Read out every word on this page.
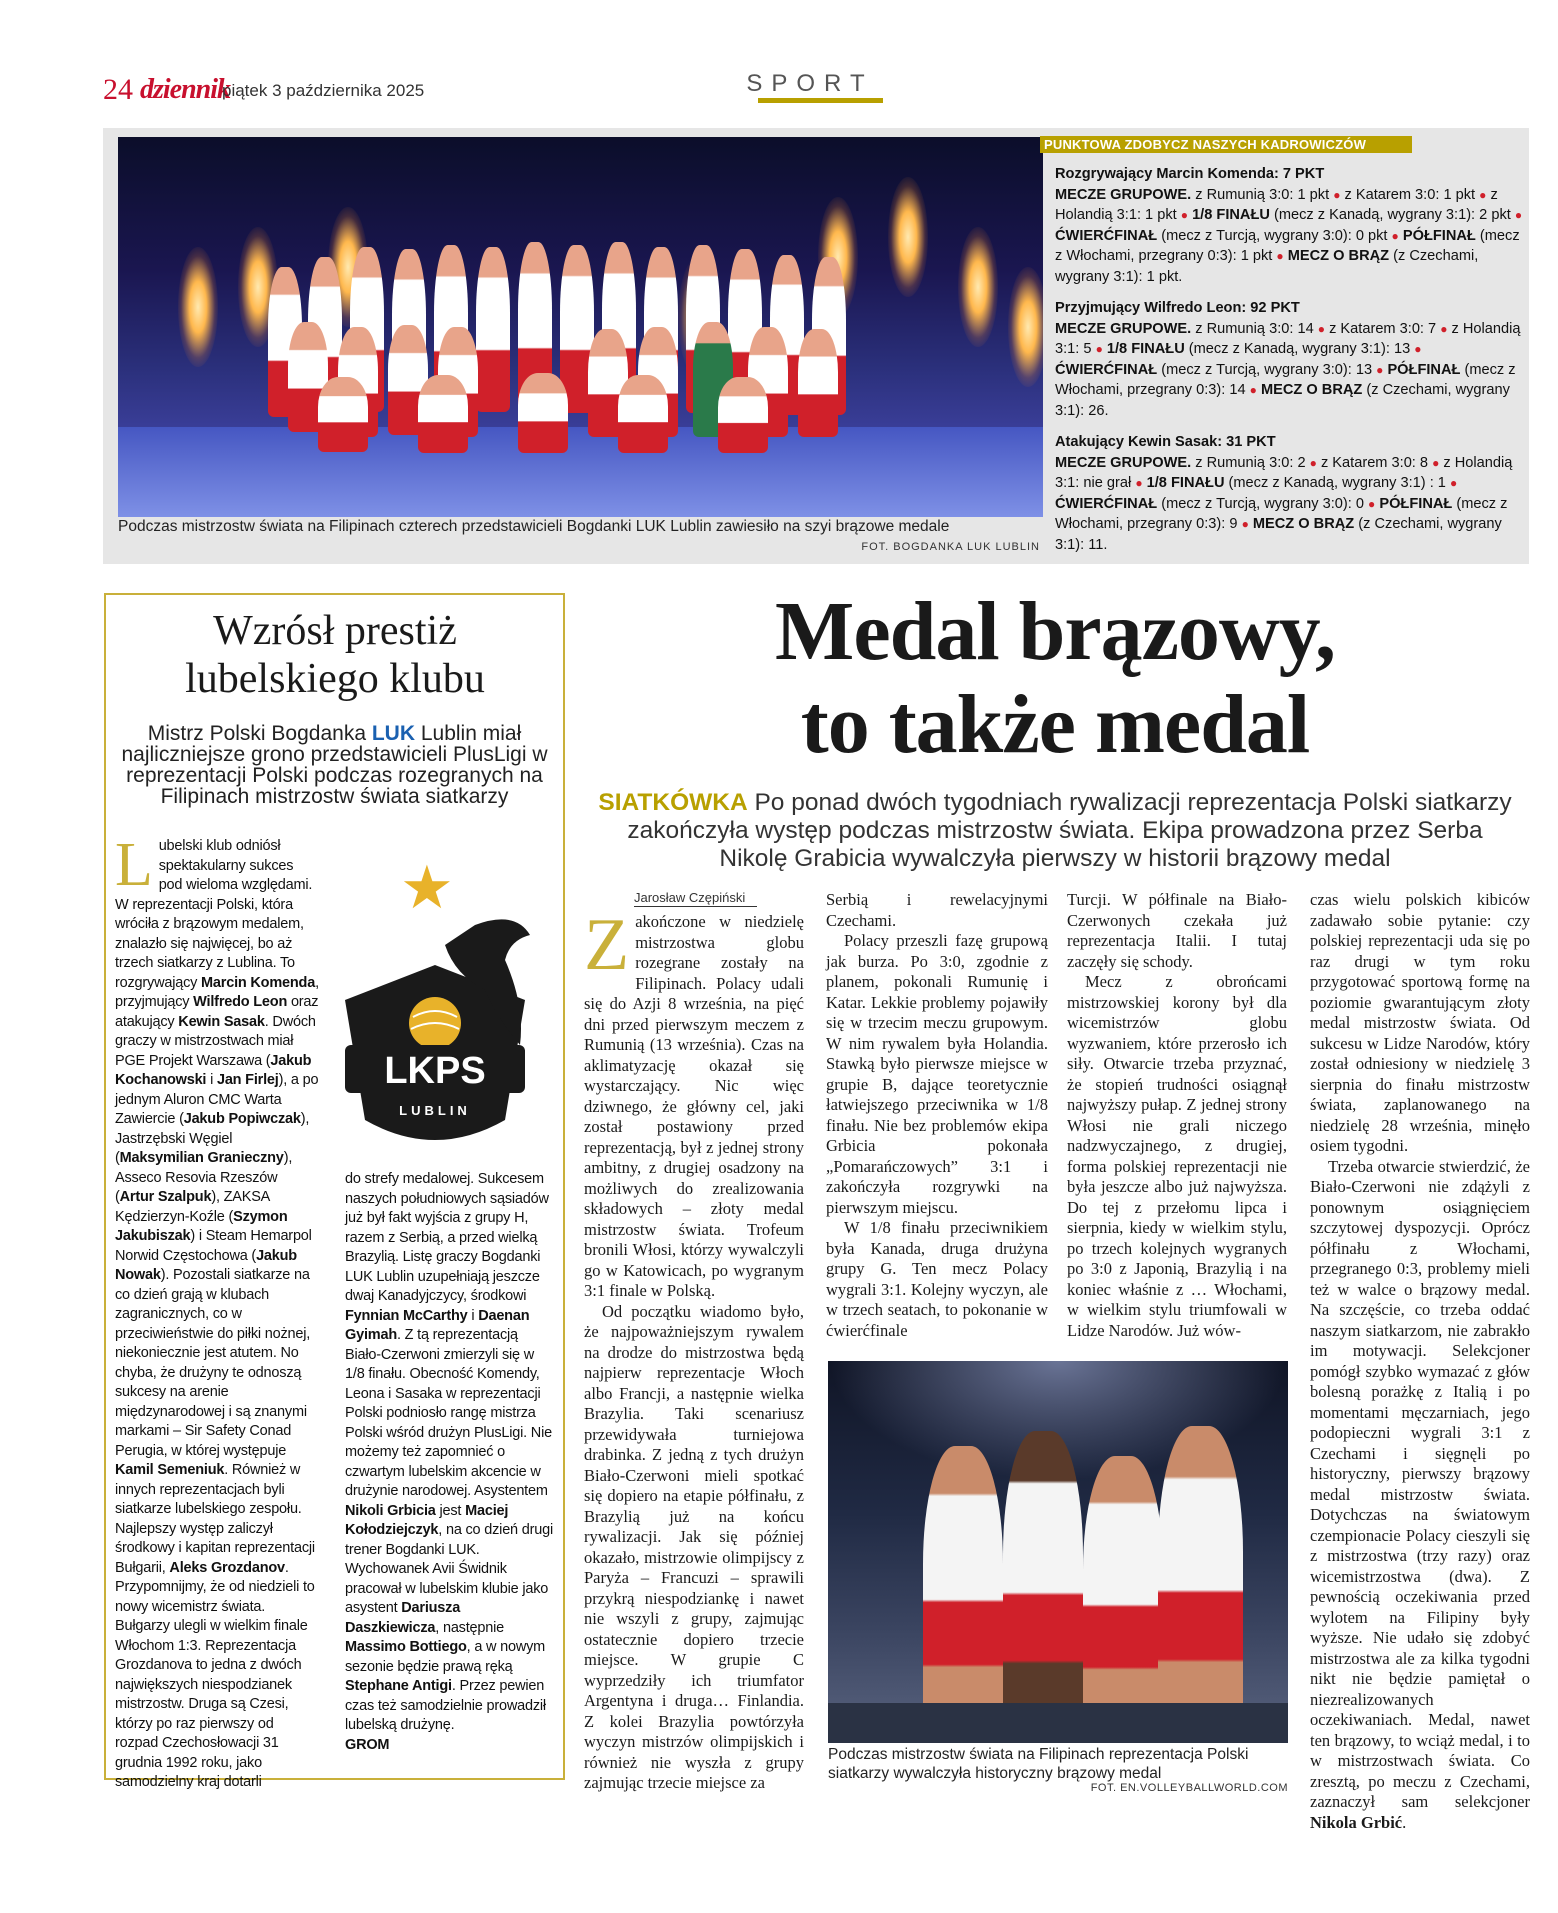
24 dziennik
piątek 3 października 2025	SPORT
Podczas mistrzostw świata na Filipinach czterech przedstawicieli Bogdanki LUK Lublin zawiesiło na szyi brązowe medale
FOT. BOGDANKA LUK LUBLIN
PUNKTOWA ZDOBYCZ NASZYCH KADROWICZÓW
Rozgrywający Marcin Komenda: 7 PKT
MECZE GRUPOWE. z Rumunią 3:0: 1 pkt ● z Katarem 3:0: 1 pkt ● z Holandią 3:1: 1 pkt ● 1/8 FINAŁU (mecz z Kanadą, wygrany 3:1): 2 pkt ● ĆWIERĆFINAŁ (mecz z Turcją, wygrany 3:0): 0 pkt ● PÓŁFINAŁ (mecz z Włochami, przegrany 0:3): 1 pkt ● MECZ O BRĄZ (z Czechami, wygrany 3:1): 1 pkt.
Przyjmujący Wilfredo Leon: 92 PKT
MECZE GRUPOWE. z Rumunią 3:0: 14 ● z Katarem 3:0: 7 ● z Holandią 3:1: 5 ● 1/8 FINAŁU (mecz z Kanadą, wygrany 3:1): 13 ● ĆWIERĆFINAŁ (mecz z Turcją, wygrany 3:0): 13 ● PÓŁFINAŁ (mecz z Włochami, przegrany 0:3): 14 ● MECZ O BRĄZ (z Czechami, wygrany 3:1): 26.
Atakujący Kewin Sasak: 31 PKT
MECZE GRUPOWE. z Rumunią 3:0: 2 ● z Katarem 3:0: 8 ● z Holandią 3:1: nie grał ● 1/8 FINAŁU (mecz z Kanadą, wygrany 3:1) : 1 ● ĆWIERĆFINAŁ (mecz z Turcją, wygrany 3:0): 0 ● PÓŁFINAŁ (mecz z Włochami, przegrany 0:3): 9 ● MECZ O BRĄZ (z Czechami, wygrany 3:1): 11.
Wzrósł prestiż lubelskiego klubu
Mistrz Polski Bogdanka LUK Lublin miał najliczniejsze grono przedstawicieli PlusLigi w reprezentacji Polski podczas rozegranych na Filipinach mistrzostw świata siatkarzy
★
LKPS
LUBLIN
Lubelski klub odniósł spektakularny sukces pod wieloma względami. W reprezentacji Polski, która wróciła z brązowym medalem, znalazło się najwięcej, bo aż trzech siatkarzy z Lublina. To rozgrywający Marcin Komenda, przyjmujący Wilfredo Leon oraz atakujący Kewin Sasak. Dwóch graczy w mistrzostwach miał PGE Projekt Warszawa (Jakub Kochanowski i Jan Firlej), a po jednym Aluron CMC Warta Zawiercie (Jakub Popiwczak), Jastrzębski Węgiel (Maksymilian Granieczny), Asseco Resovia Rzeszów (Artur Szalpuk), ZAKSA Kędzierzyn-Koźle (Szymon Jakubiszak) i Steam Hemarpol Norwid Częstochowa (Jakub Nowak). Pozostali siatkarze na co dzień grają w klubach zagranicznych, co w przeciwieństwie do piłki nożnej, niekoniecznie jest atutem. No chyba, że drużyny te odnoszą sukcesy na arenie międzynarodowej i są znanymi markami – Sir Safety Conad Perugia, w której występuje Kamil Semeniuk. Również w innych reprezentacjach byli siatkarze lubelskiego zespołu. Najlepszy występ zaliczył środkowy i kapitan reprezentacji Bułgarii, Aleks Grozdanov. Przypomnijmy, że od niedzieli to nowy wicemistrz świata. Bułgarzy ulegli w wielkim finale Włochom 1:3. Reprezentacja Grozdanova to jedna z dwóch największych niespodzianek mistrzostw. Druga są Czesi, którzy po raz pierwszy od rozpad Czechosłowacji 31 grudnia 1992 roku, jako samodzielny kraj dotarli
do strefy medalowej. Sukcesem naszych południowych sąsiadów już był fakt wyjścia z grupy H, razem z Serbią, a przed wielką Brazylią. Listę graczy Bogdanki LUK Lublin uzupełniają jeszcze dwaj Kanadyjczycy, środkowi Fynnian McCarthy i Daenan Gyimah. Z tą reprezentacją Biało-Czerwoni zmierzyli się w 1/8 finału. Obecność Komendy, Leona i Sasaka w reprezentacji Polski podniosło rangę mistrza Polski wśród drużyn PlusLigi. Nie możemy też zapomnieć o czwartym lubelskim akcencie w drużynie narodowej. Asystentem Nikoli Grbicia jest Maciej Kołodziejczyk, na co dzień drugi trener Bogdanki LUK. Wychowanek Avii Świdnik pracował w lubelskim klubie jako asystent Dariusza Daszkiewicza, następnie Massimo Bottiego, a w nowym sezonie będzie prawą ręką Stephane Antigi. Przez pewien czas też samodzielnie prowadził lubelską drużynę.
GROM
Medal brązowy,
to także medal
SIATKÓWKA Po ponad dwóch tygodniach rywalizacji reprezentacja Polski siatkarzy zakończyła występ podczas mistrzostw świata. Ekipa prowadzona przez Serba Nikolę Grabicia wywalczyła pierwszy w historii brązowy medal
Jarosław Czępiński

Zakończone w niedzielę mistrzostwa globu rozegrane zostały na Filipinach. Polacy udali się do Azji 8 września, na pięć dni przed pierwszym meczem z Rumunią (13 września). Czas na aklimatyzację okazał się wystarczający. Nic więc dziwnego, że główny cel, jaki został postawiony przed reprezentacją, był z jednej strony ambitny, z drugiej osadzony na możliwych do zrealizowania składowych – złoty medal mistrzostw świata. Trofeum bronili Włosi, którzy wywalczyli go w Katowicach, po wygranym 3:1 finale w Polską.

Od początku wiadomo było, że najpoważniejszym rywalem na drodze do mistrzostwa będą najpierw reprezentacje Włoch albo Francji, a następnie wielka Brazylia. Taki scenariusz przewidywała turniejowa drabinka. Z jedną z tych drużyn Biało-Czerwoni mieli spotkać się dopiero na etapie półfinału, z Brazylią już na końcu rywalizacji. Jak się później okazało, mistrzowie olimpijscy z Paryża – Francuzi – sprawili przykrą niespodziankę i nawet nie wszyli z grupy, zajmując ostatecznie dopiero trzecie miejsce. W grupie C wyprzedziły ich triumfator Argentyna i druga… Finlandia. Z kolei Brazylia powtórzyła wyczyn mistrzów olimpijskich i również nie wyszła z grupy zajmując trzecie miejsce za

Serbią i rewelacyjnymi Czechami.

Polacy przeszli fazę grupową jak burza. Po 3:0, zgodnie z planem, pokonali Rumunię i Katar. Lekkie problemy pojawiły się w trzecim meczu grupowym. W nim rywalem była Holandia. Stawką było pierwsze miejsce w grupie B, dające teoretycznie łatwiejszego przeciwnika w 1/8 finału. Nie bez problemów ekipa Grbicia pokonała „Pomarańczowych” 3:1 i zakończyła rozgrywki na pierwszym miejscu.

W 1/8 finału przeciwnikiem była Kanada, druga drużyna grupy G. Ten mecz Polacy wygrali 3:1. Kolejny wyczyn, ale w trzech seatach, to pokonanie w ćwierćfinale

Turcji. W półfinale na Biało-Czerwonych czekała już reprezentacja Italii. I tutaj zaczęły się schody.

Mecz z obrońcami mistrzowskiej korony był dla wicemistrzów globu wyzwaniem, które przerosło ich siły. Otwarcie trzeba przyznać, że stopień trudności osiągnął najwyższy pułap. Z jednej strony Włosi nie grali niczego nadzwyczajnego, z drugiej, forma polskiej reprezentacji nie była jeszcze albo już najwyższa. Do tej z przełomu lipca i sierpnia, kiedy w wielkim stylu, po trzech kolejnych wygranych po 3:0 z Japonią, Brazylią i na koniec właśnie z … Włochami, w wielkim stylu triumfowali w Lidze Narodów. Już wów-

czas wielu polskich kibiców zadawało sobie pytanie: czy polskiej reprezentacji uda się po raz drugi w tym roku przygotować sportową formę na poziomie gwarantującym złoty medal mistrzostw świata. Od sukcesu w Lidze Narodów, który został odniesiony w niedzielę 3 sierpnia do finału mistrzostw świata, zaplanowanego na niedzielę 28 września, minęło osiem tygodni.

Trzeba otwarcie stwierdzić, że Biało-Czerwoni nie zdążyli z ponownym osiągnięciem szczytowej dyspozycji. Oprócz półfinału z Włochami, przegranego 0:3, problemy mieli też w walce o brązowy medal. Na szczęście, co trzeba oddać naszym siatkarzom, nie zabrakło im motywacji. Selekcjoner pomógł szybko wymazać z głów bolesną porażkę z Italią i po momentami męczarniach, jego podopieczni wygrali 3:1 z Czechami i sięgnęli po historyczny, pierwszy brązowy medal mistrzostw świata. Dotychczas na światowym czempionacie Polacy cieszyli się z mistrzostwa (trzy razy) oraz wicemistrzostwa (dwa). Z pewnością oczekiwania przed wylotem na Filipiny były wyższe. Nie udało się zdobyć mistrzostwa ale za kilka tygodni nikt nie będzie pamiętał o niezrealizowanych oczekiwaniach. Medal, nawet ten brązowy, to wciąż medal, i to w mistrzostwach świata. Co zresztą, po meczu z Czechami, zaznaczył sam selekcjoner Nikola Grbić.

Podczas mistrzostw świata na Filipinach reprezentacja Polski siatkarzy wywalczyła historyczny brązowy medal
FOT. EN.VOLLEYBALLWORLD.COM
